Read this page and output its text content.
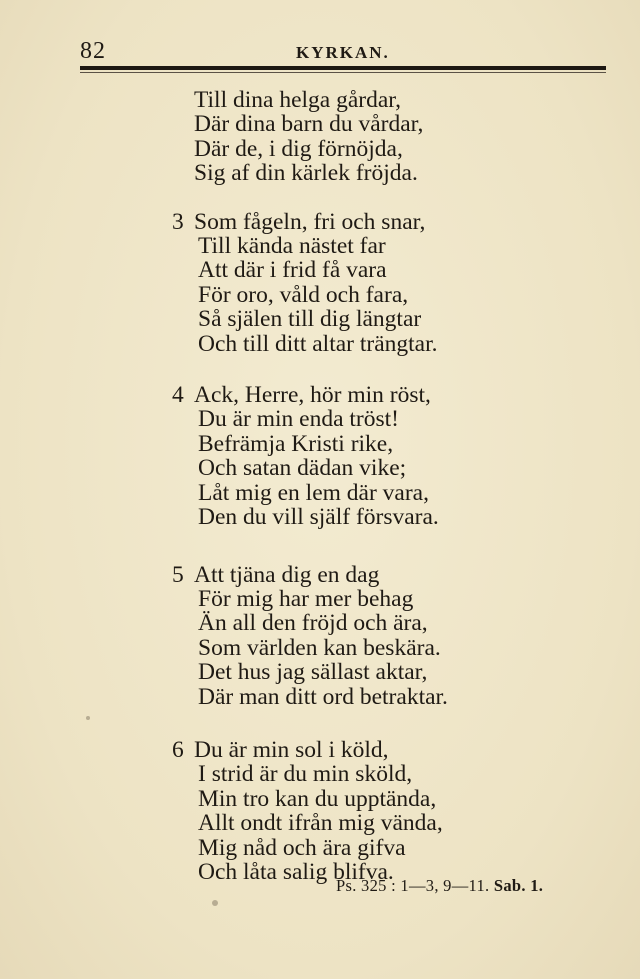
82	KYRKAN.
Till dina helga gårdar,
Där dina barn du vårdar,
Där de, i dig förnöjda,
Sig af din kärlek fröjda.
3 Som fågeln, fri och snar,
Till kända nästet far
Att där i frid få vara
För oro, våld och fara,
Så själen till dig längtar
Och till ditt altar trängtar.
4 Ack, Herre, hör min röst,
Du är min enda tröst!
Befrämja Kristi rike,
Och satan dädan vike;
Låt mig en lem där vara,
Den du vill själf försvara.
5 Att tjäna dig en dag
För mig har mer behag
Än all den fröjd och ära,
Som världen kan beskära.
Det hus jag sällast aktar,
Där man ditt ord betraktar.
6 Du är min sol i köld,
I strid är du min sköld,
Min tro kan du upptända,
Allt ondt ifrån mig vända,
Mig nåd och ära gifva
Och låta salig blifva.
Ps. 325 : 1—3, 9—11. Sab. 1.
